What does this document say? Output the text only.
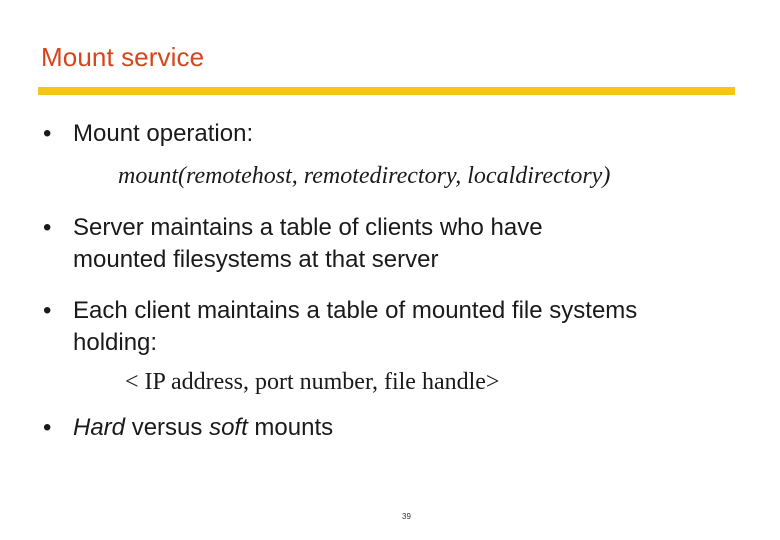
Mount service
• Mount operation:
mount(remotehost, remotedirectory, localdirectory)
• Server maintains a table of clients who have
mounted filesystems at that server
• Each client maintains a table of mounted file systems
holding:
< IP address, port number, file handle>
• Hard versus soft mounts
39
